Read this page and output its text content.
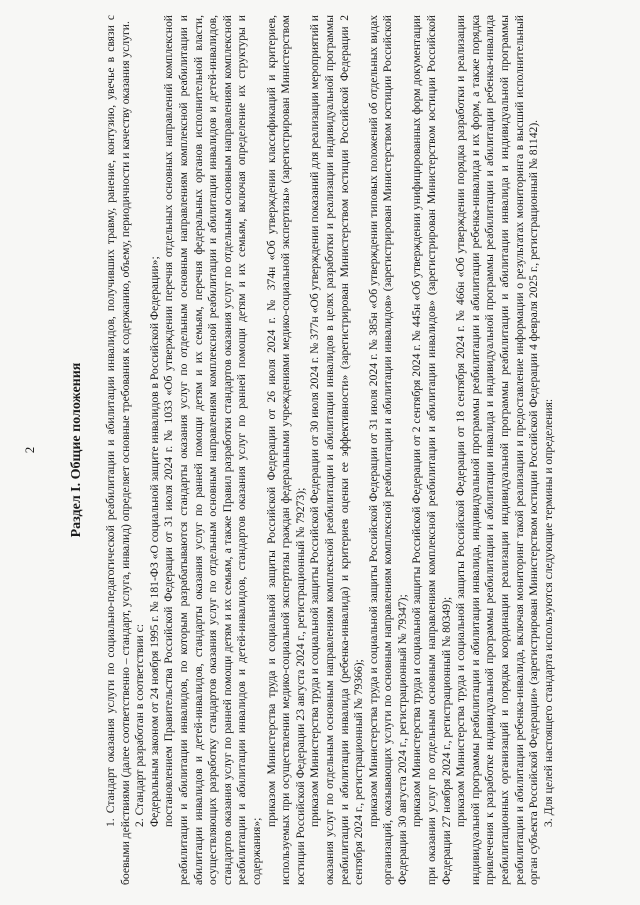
2 Раздел I. Общие положения 1. Стандарт оказания услуги по социально-педагогической реабилитации и абилитации инвалидов, получивших травму, ранение, контузию, увечье в связи с боевыми действиями (далее соответственно – стандарт, услуга, инвалид) определяет основные требования к содержанию, объему, периодичности и качеству оказания услуги. 2. Стандарт разработан в соответствии с: Федеральным законом от 24 ноября 1995 г. № 181-ФЗ «О социальной защите инвалидов в Российской Федерации»; постановлением Правительства Российской Федерации от 31 июля 2024 г. № 1033 «Об утверждении перечня отдельных основных направлений комплексной реабилитации и абилитации инвалидов, по которым разрабатываются стандарты оказания услуг по отдельным основным направлениям комплексной реабилитации и абилитации инвалидов и детей-инвалидов, стандарты оказания услуг по ранней помощи детям и их семьям, перечня федеральных органов исполнительной власти, осуществляющих разработку стандартов оказания услуг по отдельным основным направлениям комплексной реабилитации и абилитации инвалидов и детей-инвалидов, стандартов оказания услуг по ранней помощи детям и их семьям, а также Правил разработки стандартов оказания услуг по отдельным основным направлениям комплексной реабилитации и абилитации инвалидов и детей-инвалидов, стандартов оказания услуг по ранней помощи детям и их семьям, включая определение их структуры и содержания»;

приказом Министерства труда и социальной защиты Российской Федерации от 26 июля 2024 г. № 374н «Об утверждении классификаций и критериев, используемых при осуществлении медико-социальной экспертизы граждан федеральными учреждениями медико-социальной экспертизы» (зарегистрирован Министерством юстиции Российской Федерации 23 августа 2024 г., регистрационный № 79273); приказом Министерства труда и социальной защиты Российской Федерации от 30 июля 2024 г. № 377н «Об утверждении показаний для реализации мероприятий и оказания услуг по отдельным основным направлениям комплексной реабилитации и абилитации инвалидов в целях разработки и реализации индивидуальной программы реабилитации и абилитации инвалида (ребенка-инвалида) и критериев оценки ее эффективности» (зарегистрирован Министерством юстиции Российской Федерации 2 сентября 2024 г., регистрационный № 79366); приказом Министерства труда и социальной защиты Российской Федерации от 31 июля 2024 г. № 385н «Об утверждении типовых положений об отдельных видах организаций, оказывающих услуги по основным направлениям комплексной реабилитации и абилитации инвалидов» (зарегистрирован Министерством юстиции Российской Федерации 30 августа 2024 г., регистрационный № 79347); приказом Министерства труда и социальной защиты Российской Федерации от 2 сентября 2024 г. № 445н «Об утверждении унифицированных форм документации при оказании услуг по отдельным основным направлениям комплексной реабилитации и абилитации инвалидов» (зарегистрирован Министерством юстиции Российской Федерации 27 ноября 2024 г., регистрационный № 80349); приказом Министерства труда и социальной защиты Российской Федерации от 18 сентября 2024 г. № 466н «Об утверждении порядка разработки и реализации индивидуальной программы реабилитации и абилитации инвалида, индивидуальной программы реабилитации и абилитации ребенка-инвалида и их форм, а также порядка привлечения к разработке индивидуальной программы реабилитации и абилитации инвалида и индивидуальной программы реабилитации и абилитации ребенка-инвалида реабилитационных организаций и порядка координации реализации индивидуальной программы реабилитации и абилитации инвалида и индивидуальной программы реабилитации и абилитации ребенка-инвалида, включая мониторинг такой реализации и предоставление информации о результатах мониторинга в высший исполнительный орган субъекта Российской Федерации» (зарегистрирован Министерством юстиции Российской Федерации 4 февраля 2025 г., регистрационный № 81142). 3. Для целей настоящего стандарта используются следующие термины и определения:
